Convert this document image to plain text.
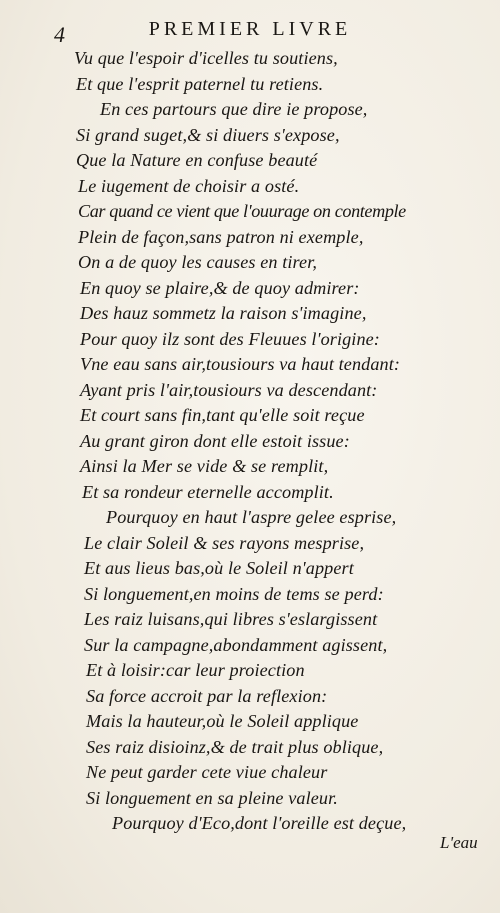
4	PREMIER LIVRE
Vu que l'espoir d'icelles tu soutiens,
Et que l'esprit paternel tu retiens.
En ces partours que dire ie propose,
Si grand suget,& si diuers s'expose,
Que la Nature en confuse beauté
Le iugement de choisir a osté.
Car quand ce vient que l'ouurage on contemple
Plein de façon,sans patron ni exemple,
On a de quoy les causes en tirer,
En quoy se plaire,& de quoy admirer:
Des hauz sommetz la raison s'imagine,
Pour quoy ilz sont des Fleuues l'origine:
Vne eau sans air,tousiours va haut tendant:
Ayant pris l'air,tousiours va descendant:
Et court sans fin,tant qu'elle soit reçue
Au grant giron dont elle estoit issue:
Ainsi la Mer se vide & se remplit,
Et sa rondeur eternelle accomplit.
Pourquoy en haut l'aspre gelee esprise,
Le clair Soleil & ses rayons mesprise,
Et aus lieus bas,où le Soleil n'appert
Si longuement,en moins de tems se perd:
Les raiz luisans,qui libres s'eslargissent
Sur la campagne,abondamment agissent,
Et à loisir:car leur proiection
Sa force accroit par la reflexion:
Mais la hauteur,où le Soleil applique
Ses raiz disioinz,& de trait plus oblique,
Ne peut garder cete viue chaleur
Si longuement en sa pleine valeur.
Pourquoy d'Eco,dont l'oreille est deçue,
L'eau
